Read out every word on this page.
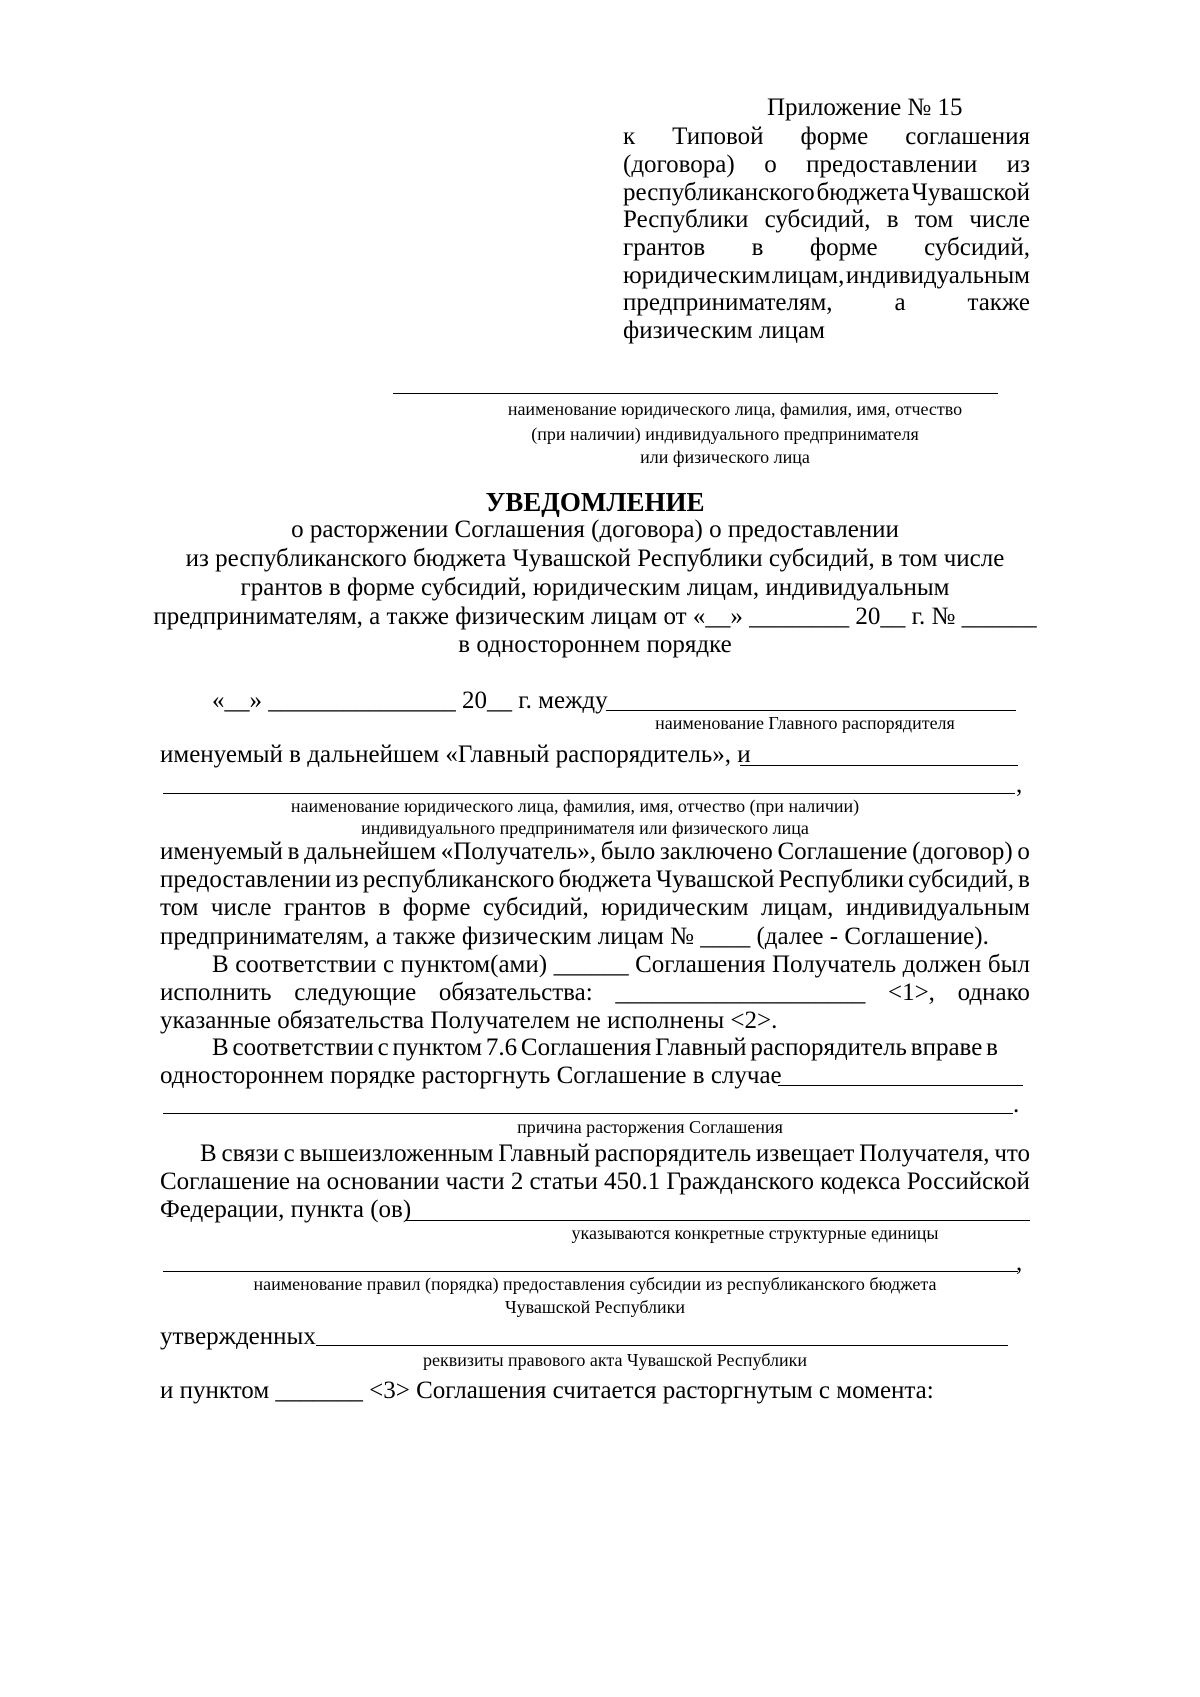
Приложение № 15
к Типовой форме соглашения
(договора) о предоставлении из
республиканского бюджета Чувашской
Республики субсидий, в том числе
грантов в форме субсидий,
юридическим лицам, индивидуальным
предпринимателям, а также
физическим лицам
наименование юридического лица, фамилия, имя, отчество
(при наличии) индивидуального предпринимателя
или физического лица
УВЕДОМЛЕНИЕ
о расторжении Соглашения (договора) о предоставлении
из республиканского бюджета Чувашской Республики субсидий, в том числе
грантов в форме субсидий, юридическим лицам, индивидуальным
предпринимателям, а также физическим лицам от «__» ________ 20__ г. № ______
в одностороннем порядке
«__» _______________ 20__ г. между
наименование Главного распорядителя
именуемый в дальнейшем «Главный распорядитель», и
,
наименование юридического лица, фамилия, имя, отчество (при наличии)
индивидуального предпринимателя или физического лица
именуемый в дальнейшем «Получатель», было заключено Соглашение (договор) о
предоставлении из республиканского бюджета Чувашской Республики субсидий, в
том числе грантов в форме субсидий, юридическим лицам, индивидуальным
предпринимателям, а также физическим лицам № ____ (далее - Соглашение).
В соответствии с пунктом(ами) ______ Соглашения Получатель должен был
исполнить следующие обязательства: ____________________ <1>, однако
указанные обязательства Получателем не исполнены <2>.
В соответствии с пунктом 7.6 Соглашения Главный распорядитель вправе в
одностороннем порядке расторгнуть Соглашение в случае
.
причина расторжения Соглашения
В связи с вышеизложенным Главный распорядитель извещает Получателя, что
Соглашение на основании части 2 статьи 450.1 Гражданского кодекса Российской
Федерации, пункта (ов)
указываются конкретные структурные единицы
,
наименование правил (порядка) предоставления субсидии из республиканского бюджета
Чувашской Республики
утвержденных
реквизиты правового акта Чувашской Республики
и пунктом _______ <3> Соглашения считается расторгнутым с момента:
